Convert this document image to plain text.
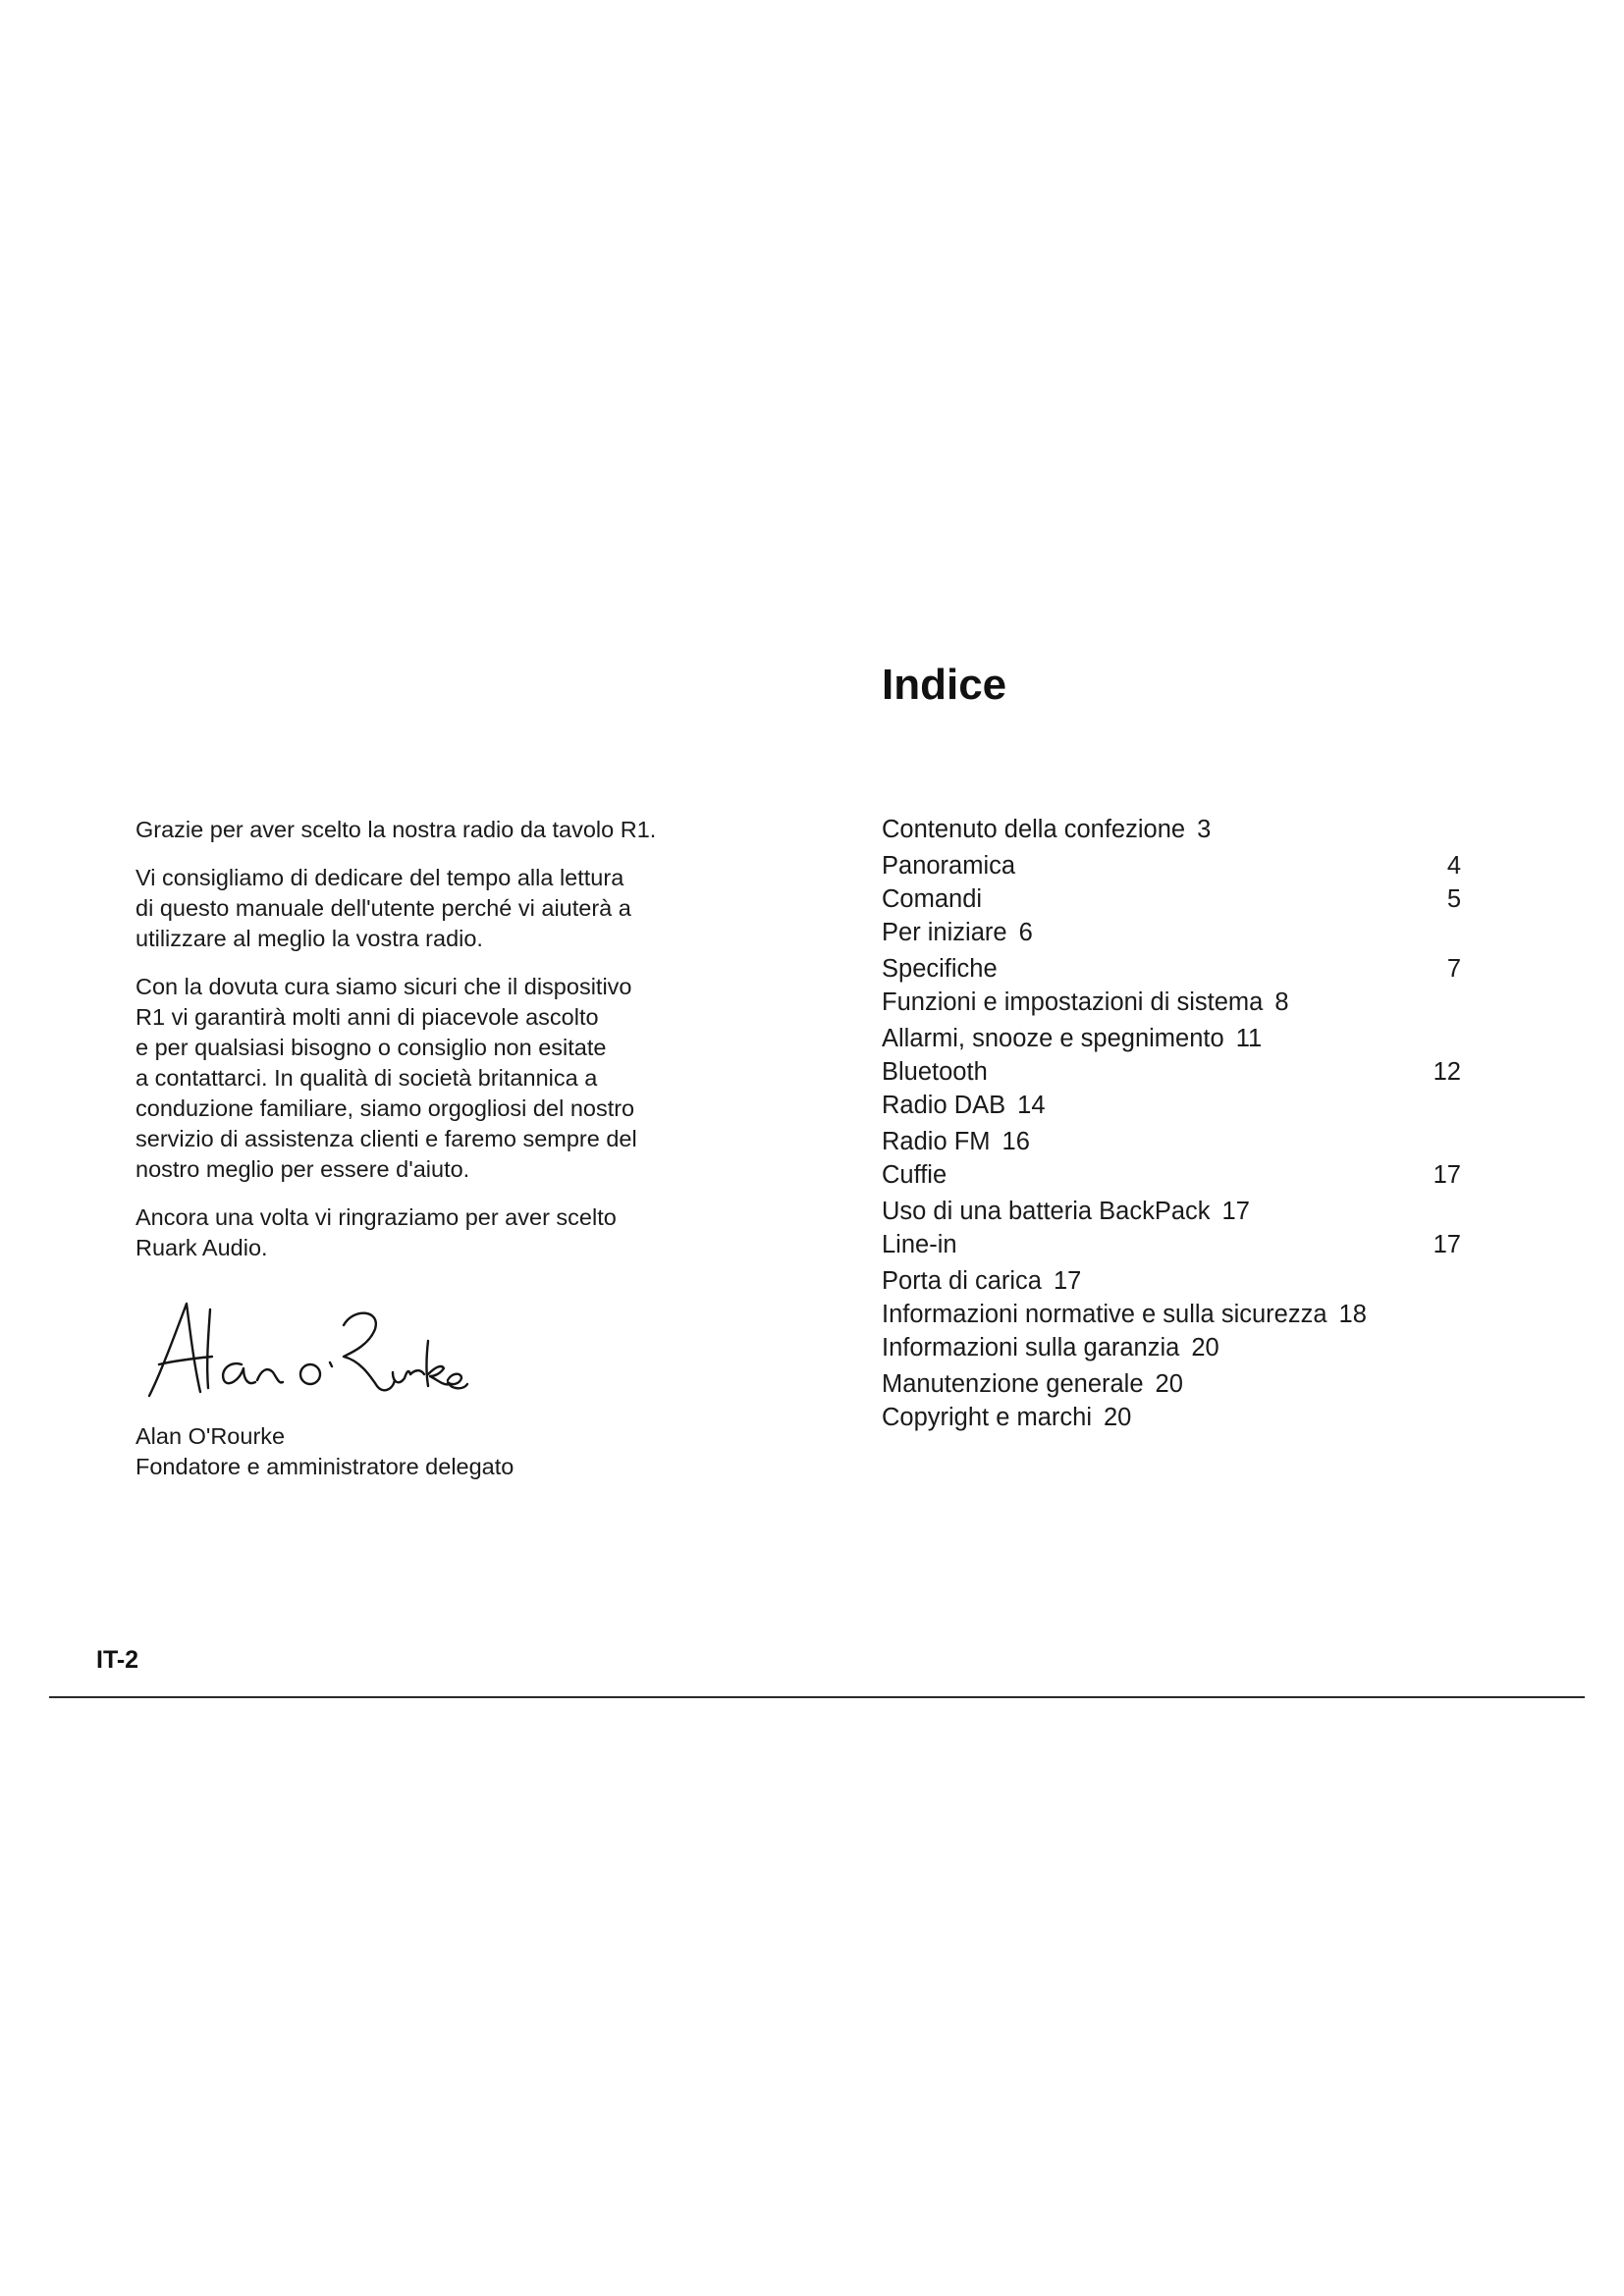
Grazie per aver scelto la nostra radio da tavolo R1.

Vi consigliamo di dedicare del tempo alla lettura
di questo manuale dell'utente perché vi aiuterà a
utilizzare al meglio la vostra radio.

Con la dovuta cura siamo sicuri che il dispositivo
R1 vi garantirà molti anni di piacevole ascolto
e per qualsiasi bisogno o consiglio non esitate
a contattarci. In qualità di società britannica a
conduzione familiare, siamo orgogliosi del nostro
servizio di assistenza clienti e faremo sempre del
nostro meglio per essere d'aiuto.

Ancora una volta vi ringraziamo per aver scelto
Ruark Audio.

Alan O'Rourke
Fondatore e amministratore delegato
Indice
Contenuto della confezione 3
Panoramica	4
Comandi	5
Per iniziare 6
Specifiche	7
Funzioni e impostazioni di sistema 8
Allarmi, snooze e spegnimento 11
Bluetooth	12
Radio DAB 14
Radio FM 16
Cuffie	17
Uso di una batteria BackPack 17
Line-in	17
Porta di carica 17
Informazioni normative e sulla sicurezza 18
Informazioni sulla garanzia 20
Manutenzione generale 20
Copyright e marchi 20
IT-2
